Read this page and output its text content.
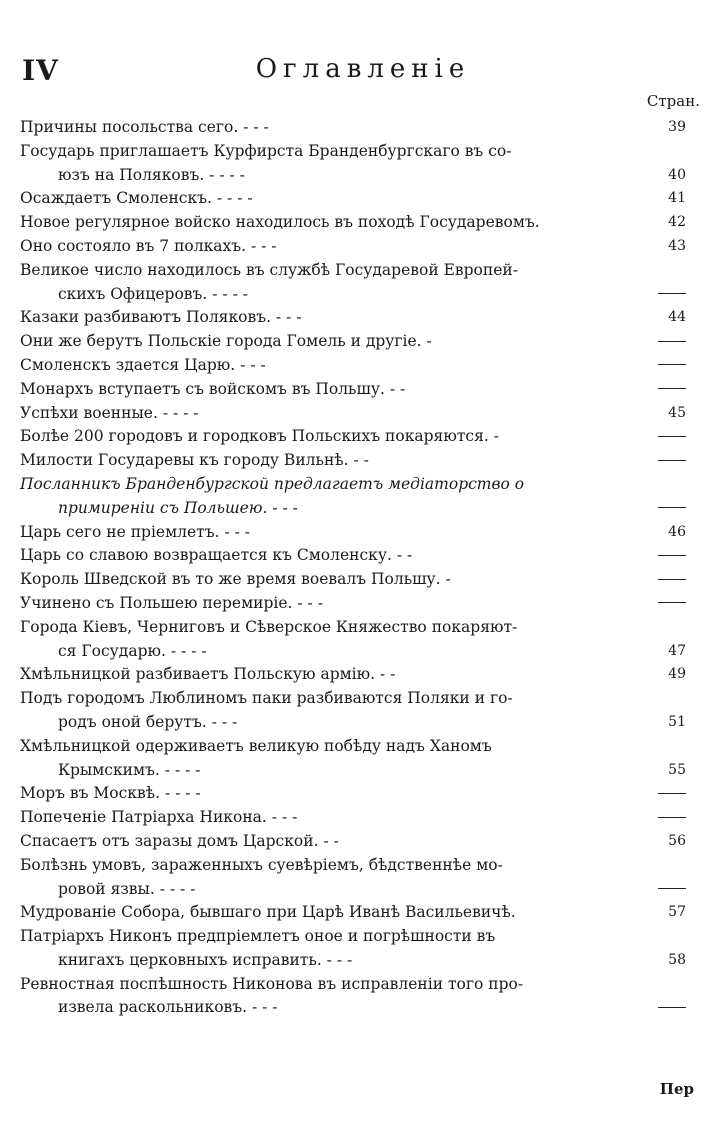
IV	Оглавленіе
Стран.
Причины посольства сего. - - -	39
Государь приглашаетъ Курфирста Бранденбургскаго въ со-

юзъ на Поляковъ. - - - -	40
Осаждаетъ Смоленскъ. - - - -	41
Новое регулярное войско находилось въ походѣ Государевомъ.	42
Оно состояло въ 7 полкахъ. - - -	43
Великое число находилось въ службѣ Государевой Европей-

скихъ Офицеровъ. - - - -
Казаки разбиваютъ Поляковъ. - - -	44
Они же берутъ Польскіе города Гомель и другіе. -
Смоленскъ здается Царю. - - -
Монархъ вступаетъ съ войскомъ въ Польшу. - -
Успѣхи военные. - - - -	45
Болѣе 200 городовъ и городковъ Польскихъ покаряются. -
Милости Государевы къ городу Вильнѣ. - -
Посланникъ Бранденбургской предлагаетъ медіаторство о

примиреніи съ Польшею. - - -
Царь сего не пріемлетъ. - - -	46
Царь со славою возвращается къ Смоленску. - -
Король Шведской въ то же время воевалъ Польшу. -
Учинено съ Польшею перемиріе. - - -
Города Кіевъ, Черниговъ и Сѣверское Княжество покаряют-

ся Государю. - - - -	47
Хмѣльницкой разбиваетъ Польскую армію. - -	49
Подъ городомъ Люблиномъ паки разбиваются Поляки и го-

родъ оной берутъ. - - -	51
Хмѣльницкой одерживаетъ великую побѣду надъ Ханомъ

Крымскимъ. - - - -	55
Моръ въ Москвѣ. - - - -
Попеченіе Патріарха Никона. - - -
Спасаетъ отъ заразы домъ Царской. - -	56
Болѣзнь умовъ, зараженныхъ суевѣріемъ, бѣдственнѣе мо-

ровой язвы. - - - -
Мудрованіе Собора, бывшаго при Царѣ Иванѣ Васильевичѣ.	57
Патріархъ Никонъ предпріемлетъ оное и погрѣшности въ

книгахъ церковныхъ исправить. - - -	58
Ревностная поспѣшность Никонова въ исправленіи того про-

извела раскольниковъ. - - -
Пер
